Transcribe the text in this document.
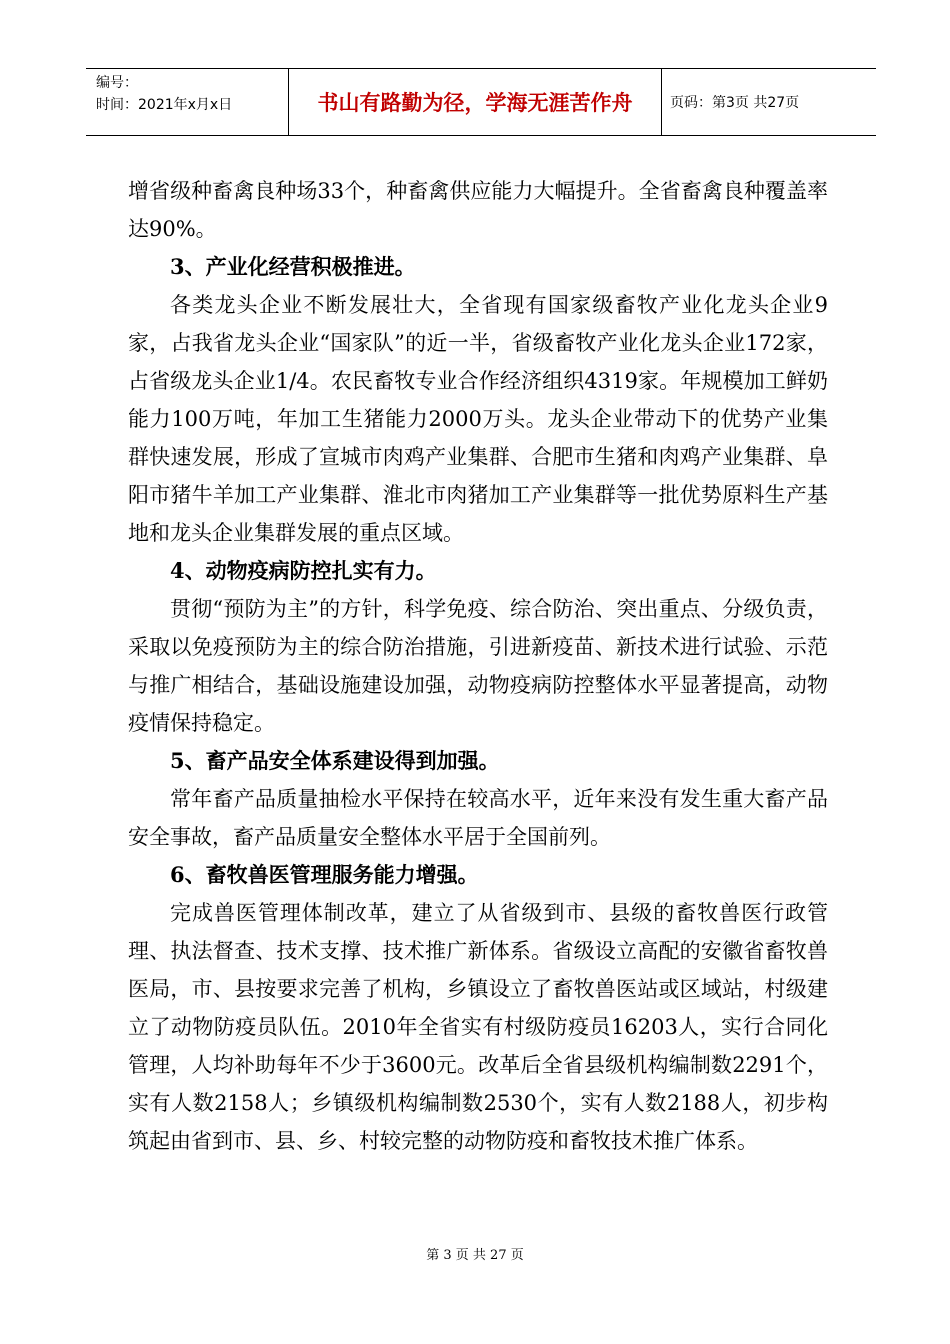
编号：
时间：2021年x月x日	书山有路勤为径，学海无涯苦作舟	页码：第3页 共27页

增省级种畜禽良种场33个，种畜禽供应能力大幅提升。全省畜禽良种覆盖率达90%。

3、产业化经营积极推进。

各类龙头企业不断发展壮大，全省现有国家级畜牧产业化龙头企业9家，占我省龙头企业“国家队”的近一半，省级畜牧产业化龙头企业172家，占省级龙头企业1/4。农民畜牧专业合作经济组织4319家。年规模加工鲜奶能力100万吨，年加工生猪能力2000万头。龙头企业带动下的优势产业集群快速发展，形成了宣城市肉鸡产业集群、合肥市生猪和肉鸡产业集群、阜阳市猪牛羊加工产业集群、淮北市肉猪加工产业集群等一批优势原料生产基地和龙头企业集群发展的重点区域。

4、动物疫病防控扎实有力。

贯彻“预防为主”的方针，科学免疫、综合防治、突出重点、分级负责，采取以免疫预防为主的综合防治措施，引进新疫苗、新技术进行试验、示范与推广相结合，基础设施建设加强，动物疫病防控整体水平显著提高，动物疫情保持稳定。

5、畜产品安全体系建设得到加强。

常年畜产品质量抽检水平保持在较高水平，近年来没有发生重大畜产品安全事故，畜产品质量安全整体水平居于全国前列。

6、畜牧兽医管理服务能力增强。

完成兽医管理体制改革，建立了从省级到市、县级的畜牧兽医行政管理、执法督查、技术支撑、技术推广新体系。省级设立高配的安徽省畜牧兽医局，市、县按要求完善了机构，乡镇设立了畜牧兽医站或区域站，村级建立了动物防疫员队伍。2010年全省实有村级防疫员16203人，实行合同化管理，人均补助每年不少于3600元。改革后全省县级机构编制数2291个，实有人数2158人；乡镇级机构编制数2530个，实有人数2188人，初步构筑起由省到市、县、乡、村较完整的动物防疫和畜牧技术推广体系。

第 3 页 共 27 页
